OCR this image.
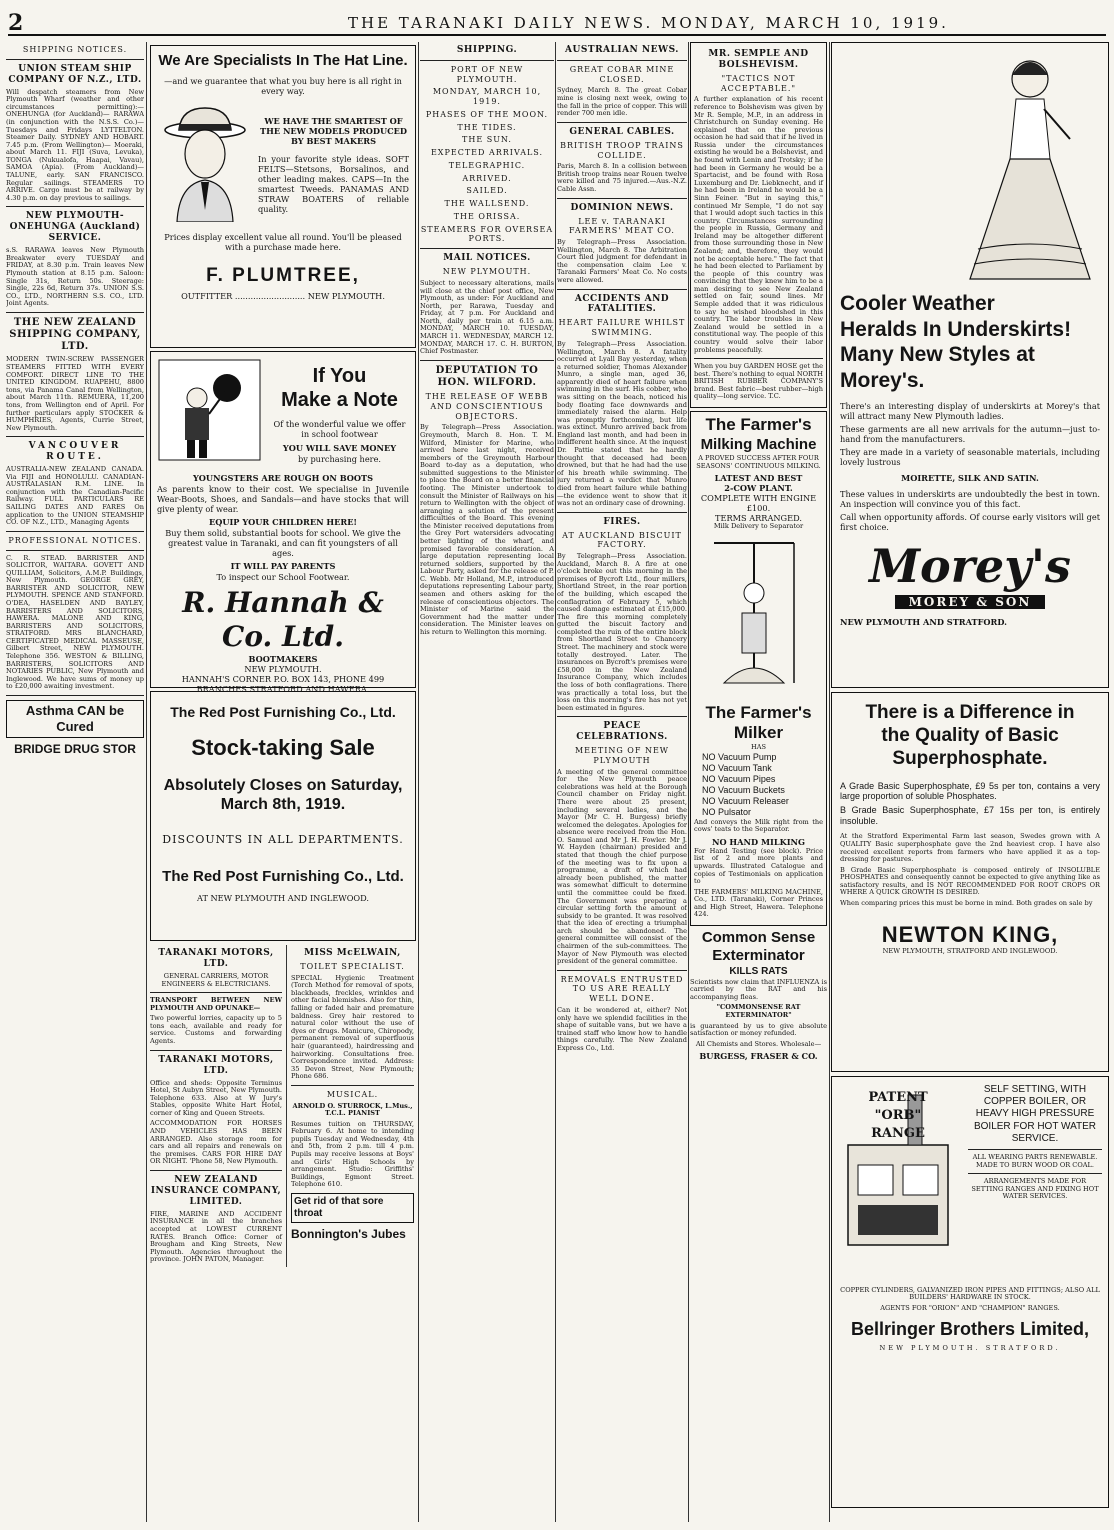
2	THE TARANAKI DAILY NEWS. MONDAY, MARCH 10, 1919.
SHIPPING NOTICES.
UNION STEAM SHIP COMPANY OF N.Z., LTD.

Will despatch steamers from New Plymouth Wharf (weather and other circumstances permitting):— ONEHUNGA (for Auckland)— RARAWA (in conjunction with the N.S.S. Co.)—Tuesdays and Fridays LYTTELTON. Steamer Daily. SYDNEY AND HOBART. 7.45 p.m. (From Wellington)— Moeraki, about March 11. FIJI (Suva, Levuka), TONGA (Nukualofa, Haapai, Vavau), SAMOA (Apia). (From Auckland)— TALUNE, early. SAN FRANCISCO. Regular sailings. STEAMERS TO ARRIVE. Cargo must be at railway by 4.30 p.m. on day previous to sailings.

NEW PLYMOUTH-ONEHUNGA (Auckland) SERVICE.

s.S. RARAWA leaves New Plymouth Breakwater every TUESDAY and FRIDAY, at 8.30 p.m. Train leaves New Plymouth station at 8.15 p.m. Saloon: Single 31s, Return 50s. Steerage: Single, 22s 6d, Return 37s. UNION S.S. CO., LTD., NORTHERN S.S. CO., LTD. Joint Agents.

THE NEW ZEALAND SHIPPING COMPANY, LTD.

MODERN TWIN-SCREW PASSENGER STEAMERS FITTED WITH EVERY COMFORT. DIRECT LINE TO THE UNITED KINGDOM. RUAPEHU, 8800 tons, via Panama Canal from Wellington, about March 11th. REMUERA, 11,200 tons, from Wellington end of April. For further particulars apply STOCKER & HUMPHRIES, Agents, Currie Street, New Plymouth.

VANCOUVER ROUTE.

AUSTRALIA-NEW ZEALAND CANADA. Via FIJI and HONOLULU. CANADIAN-AUSTRALASIAN R.M. LINE. In conjunction with the Canadian-Pacific Railway. FULL PARTICULARS RE SAILING DATES AND FARES On application to the UNION STEAMSHIP CO. OF N.Z., LTD., Managing Agents

PROFESSIONAL NOTICES.

C. R. STEAD. BARRISTER AND SOLICITOR, WAITARA. GOVETT AND QUILLIAM, Solicitors, A.M.P. Buildings, New Plymouth. GEORGE GREY, BARRISTER AND SOLICITOR, NEW PLYMOUTH. SPENCE AND STANFORD. O'DEA, HASELDEN AND BAYLEY, BARRISTERS AND SOLICITORS, HAWERA. MALONE AND KING, BARRISTERS AND SOLICITORS, STRATFORD. MRS BLANCHARD, CERTIFICATED MEDICAL MASSEUSE, Gilbert Street, NEW PLYMOUTH. Telephone 356. WESTON & BILLING, BARRISTERS, SOLICITORS AND NOTARIES PUBLIC, New Plymouth and Inglewood. We have sums of money up to £20,000 awaiting investment.

Asthma CAN be Cured
BRIDGE DRUG STOR
We Are Specialists In The Hat Line.

—and we guarantee that what you buy here is all right in every way.

WE HAVE THE SMARTEST OF
THE NEW MODELS PRODUCED
BY BEST MAKERS

In your favorite style ideas. SOFT FELTS—Stetsons, Borsalinos, and other leading makes. CAPS—In the smartest Tweeds. PANAMAS AND STRAW BOATERS of reliable quality.

Prices display excellent value all round. You'll be pleased with a purchase made here.

F. PLUMTREE,
OUTFITTER ........................... NEW PLYMOUTH.
If You
Make a Note

Of the wonderful value we offer in school footwear

YOU WILL SAVE MONEY

by purchasing here.

YOUNGSTERS ARE ROUGH ON BOOTS

As parents know to their cost. We specialise in Juvenile Wear-Boots, Shoes, and Sandals—and have stocks that will give plenty of wear.

EQUIP YOUR CHILDREN HERE!

Buy them solid, substantial boots for school. We give the greatest value in Taranaki, and can fit youngsters of all ages.

IT WILL PAY PARENTS

To inspect our School Footwear.

R. Hannah & Co. Ltd.
BOOTMAKERS
NEW PLYMOUTH.
HANNAH'S CORNER P.O. BOX 143, PHONE 499
BRANCHES STRATFORD AND HAWERA.
The Red Post Furnishing Co., Ltd.
Stock-taking Sale
Absolutely Closes on Saturday,
March 8th, 1919.
DISCOUNTS IN ALL DEPARTMENTS.
The Red Post Furnishing Co., Ltd.
AT NEW PLYMOUTH AND INGLEWOOD.
TARANAKI MOTORS, LTD.

GENERAL CARRIERS, MOTOR ENGINEERS & ELECTRICIANS.

TRANSPORT BETWEEN NEW PLYMOUTH AND OPUNAKE—

Two powerful lorries, capacity up to 5 tons each, available and ready for service. Customs and forwarding Agents.

TARANAKI MOTORS, LTD.

Office and sheds: Opposite Terminus Hotel, St Aubyn Street, New Plymouth. Telephone 633. Also at W Jury's Stables, opposite White Hart Hotel, corner of King and Queen Streets.

ACCOMMODATION FOR HORSES AND VEHICLES HAS BEEN ARRANGED. Also storage room for cars and all repairs and renewals on the premises. CARS FOR HIRE DAY OR NIGHT. 'Phone 58, New Plymouth.

NEW ZEALAND INSURANCE COMPANY, LIMITED.

FIRE, MARINE AND ACCIDENT INSURANCE in all the branches accepted at LOWEST CURRENT RATES. Branch Office: Corner of Brougham and King Streets, New Plymouth. Agencies throughout the province. JOHN PATON, Manager.

MISS McELWAIN,
TOILET SPECIALIST.

SPECIAL Hygienic Treatment (Torch Method for removal of spots, blackheads, freckles, wrinkles and other facial blemishes. Also for thin, falling or faded hair and premature baldness. Grey hair restored to natural color without the use of dyes or drugs. Manicure, Chiropody, permanent removal of superfluous hair (guaranteed), hairdressing and hairworking. Consultations free. Correspondence invited. Address: 35 Devon Street, New Plymouth; Phone 686.

MUSICAL.

ARNOLD O. STURROCK, L.Mus., T.C.L. PIANIST

Resumes tuition on THURSDAY, February 6. At home to intending pupils Tuesday and Wednesday, 4th and 5th, from 2 p.m. till 4 p.m. Pupils may receive lessons at Boys' and Girls' High Schools by arrangement. Studio: Griffiths' Buildings, Egmont Street. Telephone 610.

Get rid of that sore throat
Bonnington's Jubes
SHIPPING.
PORT OF NEW PLYMOUTH.
MONDAY, MARCH 10, 1919.
PHASES OF THE MOON.
THE TIDES.
THE SUN.
EXPECTED ARRIVALS.
TELEGRAPHIC.
ARRIVED.
SAILED.
THE WALLSEND.
THE ORISSA.
STEAMERS FOR OVERSEA PORTS.
MAIL NOTICES.
NEW PLYMOUTH.

Subject to necessary alterations, mails will close at the chief post office, New Plymouth, as under: For Auckland and North, per Rarawa, Tuesday and Friday, at 7 p.m. For Auckland and North, daily per train at 6.15 a.m. MONDAY, MARCH 10. TUESDAY, MARCH 11. WEDNESDAY, MARCH 12. MONDAY, MARCH 17. C. H. BURTON, Chief Postmaster.

DEPUTATION TO HON. WILFORD.
THE RELEASE OF WEBB AND CONSCIENTIOUS OBJECTORS.

By Telegraph—Press Association. Greymouth, March 8. Hon. T. M. Wilford, Minister for Marine, who arrived here last night, received members of the Greymouth Harbour Board to-day as a deputation, who submitted suggestions to the Minister to place the Board on a better financial footing. The Minister undertook to consult the Minister of Railways on his return to Wellington with the object of arranging a solution of the present difficulties of the Board. This evening the Minister received deputations from the Grey Port watersiders advocating better lighting of the wharf, and promised favorable consideration. A large deputation representing local returned soldiers, supported by the Labour Party, asked for the release of P. C. Webb. Mr Holland, M.P., introduced deputations representing Labour party, seamen and others asking for the release of conscientious objectors. The Minister of Marine said the Government had the matter under consideration. The Minister leaves on his return to Wellington this morning.

AUSTRALIAN NEWS.
GREAT COBAR MINE CLOSED.

Sydney, March 8. The great Cobar mine is closing next week, owing to the fall in the price of copper. This will render 700 men idle.

GENERAL CABLES.
BRITISH TROOP TRAINS COLLIDE.

Paris, March 8. In a collision between British troop trains near Rouen twelve were killed and 75 injured.—Aus.-N.Z. Cable Assn.

DOMINION NEWS.
LEE v. TARANAKI FARMERS' MEAT CO.

By Telegraph—Press Association. Wellington, March 8. The Arbitration Court filed judgment for defendant in the compensation claim Lee v. Taranaki Farmers' Meat Co. No costs were allowed.

ACCIDENTS AND FATALITIES.
HEART FAILURE WHILST SWIMMING.

By Telegraph—Press Association. Wellington, March 8. A fatality occurred at Lyall Bay yesterday, when a returned soldier, Thomas Alexander Munro, a single man, aged 36, apparently died of heart failure when swimming in the surf. His cobber, who was sitting on the beach, noticed his body floating face downwards and immediately raised the alarm. Help was promptly forthcoming, but life was extinct. Munro arrived back from England last month, and had been in indifferent health since. At the inquest Dr. Pattie stated that he hardly thought that deceased had been drowned, but that he had had the use of his breath while swimming. The jury returned a verdict that Munro died from heart failure while bathing—the evidence went to show that it was not an ordinary case of drowning.

FIRES.
AT AUCKLAND BISCUIT FACTORY.

By Telegraph—Press Association. Auckland, March 8. A fire at one o'clock broke out this morning in the premises of Bycroft Ltd., flour millers, Shortland Street, in the rear portion of the building, which escaped the conflagration of February 5, which caused damage estimated at £15,000. The fire this morning completely gutted the biscuit factory and completed the ruin of the entire block from Shortland Street to Chancery Street. The machinery and stock were totally destroyed. Later. The insurances on Bycroft's premises were £58,000 in the New Zealand Insurance Company, which includes the loss of both conflagrations. There was practically a total loss, but the loss on this morning's fire has not yet been estimated in figures.

PEACE CELEBRATIONS.
MEETING OF NEW PLYMOUTH

A meeting of the general committee for the New Plymouth peace celebrations was held at the Borough Council chamber on Friday night. There were about 25 present, including several ladies, and the Mayor (Mr C. H. Burgess) briefly welcomed the delegates. Apologies for absence were received from the Hon. O. Samuel and Mr J. H. Fowler. Mr J. W. Hayden (chairman) presided and stated that though the chief purpose of the meeting was to fix upon a programme, a draft of which had already been published, the matter was somewhat difficult to determine until the committee could be fixed. The Government was preparing a circular setting forth the amount of subsidy to be granted. It was resolved that the idea of erecting a triumphal arch should be abandoned. The general committee will consist of the chairmen of the sub-committees. The Mayor of New Plymouth was elected president of the general committee.

REMOVALS ENTRUSTED TO US ARE REALLY WELL DONE.

Can it be wondered at, either? Not only have we splendid facilities in the shape of suitable vans, but we have a trained staff who know how to handle things carefully. The New Zealand Express Co., Ltd.

MR. SEMPLE AND BOLSHEVISM.
"TACTICS NOT ACCEPTABLE."

A further explanation of his recent reference to Bolshevism was given by Mr R. Semple, M.P., in an address in Christchurch on Sunday evening. He explained that on the previous occasion he had said that if he lived in Russia under the circumstances existing he would be a Bolshevist, and he found with Lenin and Trotsky; if he had been in Germany he would be a Spartacist, and be found with Rosa Luxemburg and Dr. Liebknecht, and if he had been in Ireland he would be a Sinn Feiner. "But in saying this," continued Mr Semple, "I do not say that I would adopt such tactics in this country. Circumstances surrounding the people in Russia, Germany and Ireland may be altogether different from those surrounding those in New Zealand; and, therefore, they would not be acceptable here." The fact that he had been elected to Parliament by the people of this country was convincing that they knew him to be a man desiring to see New Zealand settled on fair, sound lines. Mr Semple added that it was ridiculous to say he wished bloodshed in this country. The labor troubles in New Zealand would be settled in a constitutional way. The people of this country would solve their labor problems peacefully.

When you buy GARDEN HOSE get the best. There's nothing to equal NORTH BRITISH RUBBER COMPANY'S brand. Best fabric—best rubber—high quality—long service. T.C.

The Farmer's
Milking Machine

A PROVED SUCCESS AFTER FOUR SEASONS' CONTINUOUS MILKING.

LATEST AND BEST
2-COW PLANT.
COMPLETE WITH ENGINE
£100.
TERMS ARRANGED.
Milk Delivery to Separator
The Farmer's
Milker
HAS
NO Vacuum Pump
NO Vacuum Tank
NO Vacuum Pipes
NO Vacuum Buckets
NO Vacuum Releaser
NO Pulsator

And conveys the Milk right from the cows' teats to the Separator.

NO HAND MILKING

For Hand Testing (see block). Price list of 2 and more plants and upwards. Illustrated Catalogue and copies of Testimonials on application to

THE FARMERS' MILKING MACHINE, Co., LTD. (Taranaki), Corner Princes and High Street, Hawera. Telephone 424.

Common Sense
Exterminator
KILLS RATS

Scientists now claim that INFLUENZA is carried by the RAT and his accompanying fleas.

"COMMONSENSE RAT EXTERMINATOR"

is guaranteed by us to give absolute satisfaction or money refunded.

All Chemists and Stores. Wholesale—

BURGESS, FRASER & CO.
Cooler Weather
Heralds In Underskirts!
Many New Styles at
Morey's.

There's an interesting display of underskirts at Morey's that will attract many New Plymouth ladies.

These garments are all new arrivals for the autumn—just to-hand from the manufacturers.

They are made in a variety of seasonable materials, including lovely lustrous

MOIRETTE, SILK AND SATIN.

These values in underskirts are undoubtedly the best in town. An inspection will convince you of this fact.

Call when opportunity affords. Of course early visitors will get first choice.

Morey's
MOREY & SON
NEW PLYMOUTH AND STRATFORD.
There is a Difference in
the Quality of Basic
Superphosphate.

A Grade Basic Superphosphate, £9 5s per ton, contains a very large proportion of soluble Phosphates.

B Grade Basic Superphosphate, £7 15s per ton, is entirely insoluble.

At the Stratford Experimental Farm last season, Swedes grown with A QUALITY Basic superphosphate gave the 2nd heaviest crop. I have also received excellent reports from farmers who have applied it as a top-dressing for pastures.

B Grade Basic Superphosphate is composed entirely of INSOLUBLE PHOSPHATES and consequently cannot be expected to give anything like as satisfactory results, and IS NOT RECOMMENDED FOR ROOT CROPS OR WHERE A QUICK GROWTH IS DESIRED.

When comparing prices this must be borne in mind. Both grades on sale by

NEWTON KING,
NEW PLYMOUTH, STRATFORD AND INGLEWOOD.
PATENT "ORB" RANGE

SELF SETTING, WITH COPPER BOILER, OR HEAVY HIGH PRESSURE BOILER FOR HOT WATER SERVICE.

ALL WEARING PARTS RENEWABLE. MADE TO BURN WOOD OR COAL.

ARRANGEMENTS MADE FOR SETTING RANGES AND FIXING HOT WATER SERVICES.

COPPER CYLINDERS, GALVANIZED IRON PIPES AND FITTINGS; ALSO ALL BUILDERS' HARDWARE IN STOCK.

AGENTS FOR "ORION" AND "CHAMPION" RANGES.

Bellringer Brothers Limited,
NEW PLYMOUTH. STRATFORD.
